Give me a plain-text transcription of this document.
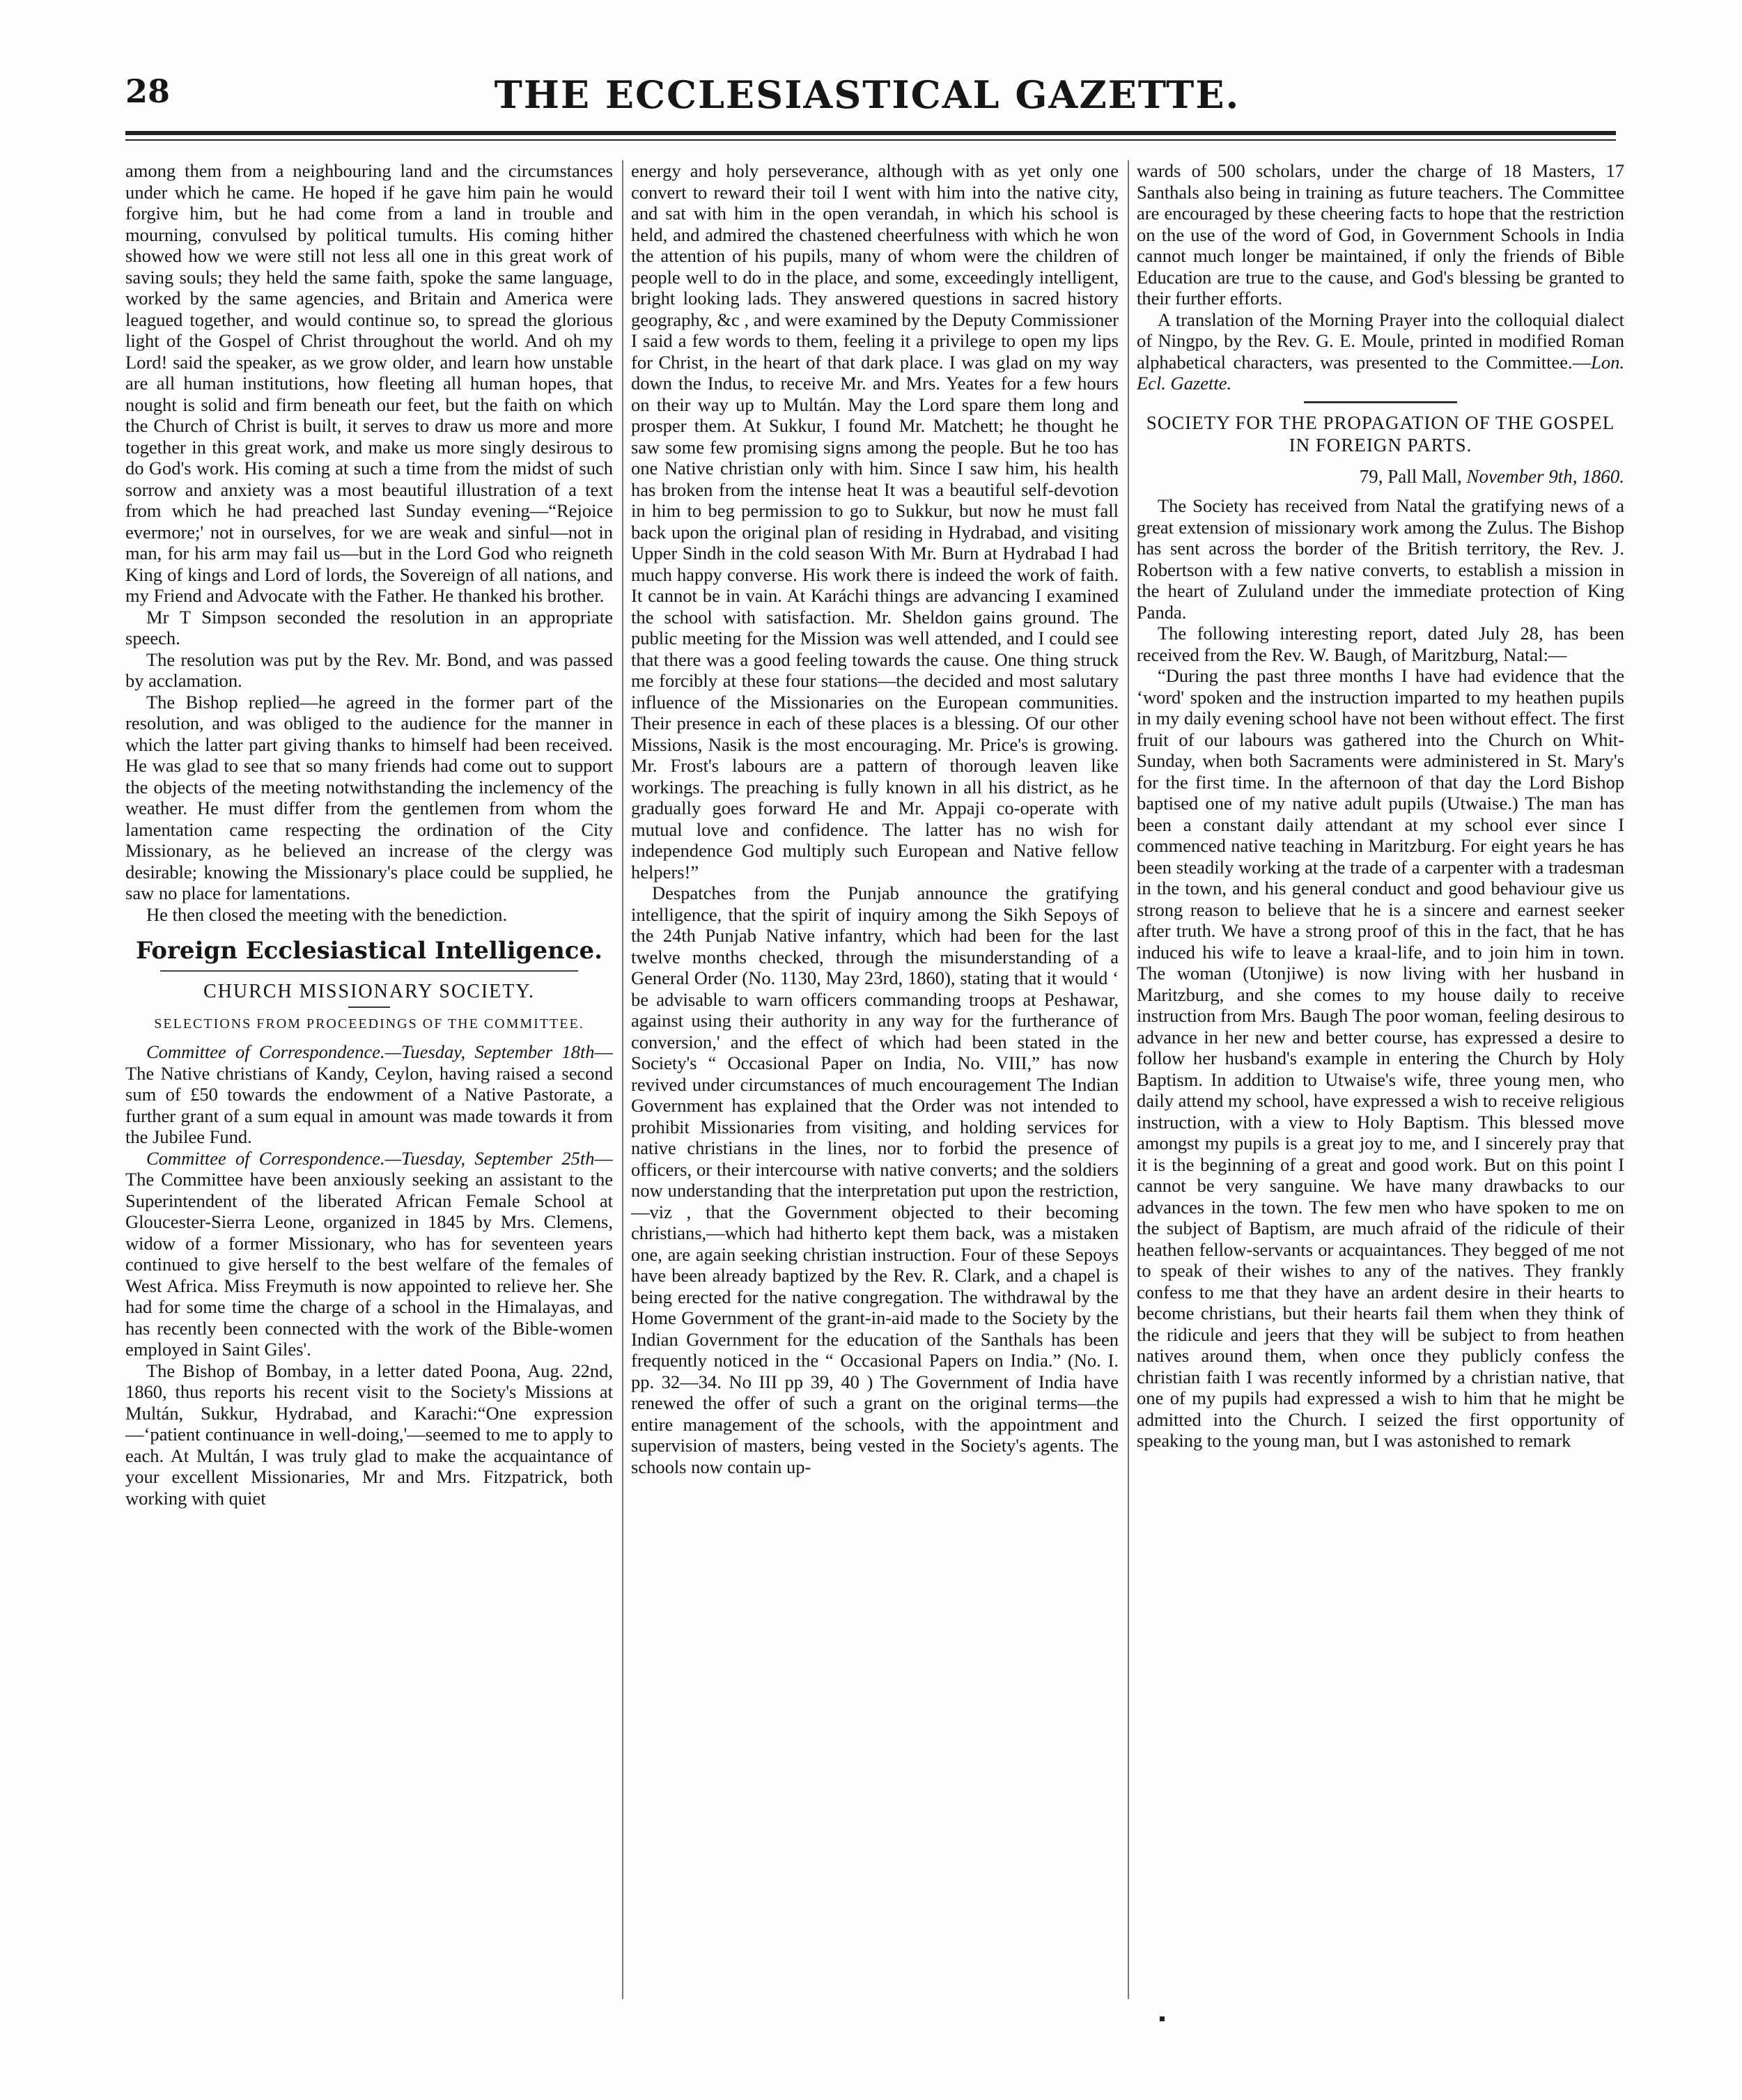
28	THE ECCLESIASTICAL GAZETTE.

among them from a neighbouring land and the circumstances under which he came. He hoped if he gave him pain he would forgive him, but he had come from a land in trouble and mourning, convulsed by political tumults. His coming hither showed how we were still not less all one in this great work of saving souls; they held the same faith, spoke the same language, worked by the same agencies, and Britain and America were leagued together, and would continue so, to spread the glorious light of the Gospel of Christ throughout the world. And oh my Lord! said the speaker, as we grow older, and learn how unstable are all human institutions, how fleeting all human hopes, that nought is solid and firm beneath our feet, but the faith on which the Church of Christ is built, it serves to draw us more and more together in this great work, and make us more singly desirous to do God's work. His coming at such a time from the midst of such sorrow and anxiety was a most beautiful illustration of a text from which he had preached last Sunday evening—“Rejoice evermore;' not in ourselves, for we are weak and sinful—not in man, for his arm may fail us—but in the Lord God who reigneth King of kings and Lord of lords, the Sovereign of all nations, and my Friend and Advocate with the Father. He thanked his brother.

Mr T Simpson seconded the resolution in an appropriate speech.

The resolution was put by the Rev. Mr. Bond, and was passed by acclamation.

The Bishop replied—he agreed in the former part of the resolution, and was obliged to the audience for the manner in which the latter part giving thanks to himself had been received. He was glad to see that so many friends had come out to support the objects of the meeting notwithstanding the inclemency of the weather. He must differ from the gentlemen from whom the lamentation came respecting the ordination of the City Missionary, as he believed an increase of the clergy was desirable; knowing the Missionary's place could be supplied, he saw no place for lamentations.

He then closed the meeting with the benediction.

Foreign Ecclesiastical Intelligence.
CHURCH MISSIONARY SOCIETY.
SELECTIONS FROM PROCEEDINGS OF THE COMMITTEE.

Committee of Correspondence.—Tuesday, September 18th—The Native christians of Kandy, Ceylon, having raised a second sum of £50 towards the endowment of a Native Pastorate, a further grant of a sum equal in amount was made towards it from the Jubilee Fund.

Committee of Correspondence.—Tuesday, September 25th—The Committee have been anxiously seeking an assistant to the Superintendent of the liberated African Female School at Gloucester-Sierra Leone, organized in 1845 by Mrs. Clemens, widow of a former Missionary, who has for seventeen years continued to give herself to the best welfare of the females of West Africa. Miss Freymuth is now appointed to relieve her. She had for some time the charge of a school in the Himalayas, and has recently been connected with the work of the Bible-women employed in Saint Giles'.

The Bishop of Bombay, in a letter dated Poona, Aug. 22nd, 1860, thus reports his recent visit to the Society's Missions at Multán, Sukkur, Hydrabad, and Karachi:“One expression—‘patient continuance in well-doing,'—seemed to me to apply to each. At Multán, I was truly glad to make the acquaintance of your excellent Missionaries, Mr and Mrs. Fitzpatrick, both working with quiet

energy and holy perseverance, although with as yet only one convert to reward their toil I went with him into the native city, and sat with him in the open verandah, in which his school is held, and admired the chastened cheerfulness with which he won the attention of his pupils, many of whom were the children of people well to do in the place, and some, exceedingly intelligent, bright looking lads. They answered questions in sacred history geography, &c , and were examined by the Deputy Commissioner I said a few words to them, feeling it a privilege to open my lips for Christ, in the heart of that dark place. I was glad on my way down the Indus, to receive Mr. and Mrs. Yeates for a few hours on their way up to Multán. May the Lord spare them long and prosper them. At Sukkur, I found Mr. Matchett; he thought he saw some few promising signs among the people. But he too has one Native christian only with him. Since I saw him, his health has broken from the intense heat It was a beautiful self-devotion in him to beg permission to go to Sukkur, but now he must fall back upon the original plan of residing in Hydrabad, and visiting Upper Sindh in the cold season With Mr. Burn at Hydrabad I had much happy converse. His work there is indeed the work of faith. It cannot be in vain. At Karáchi things are advancing I examined the school with satisfaction. Mr. Sheldon gains ground. The public meeting for the Mission was well attended, and I could see that there was a good feeling towards the cause. One thing struck me forcibly at these four stations—the decided and most salutary influence of the Missionaries on the European communities. Their presence in each of these places is a blessing. Of our other Missions, Nasik is the most encouraging. Mr. Price's is growing. Mr. Frost's labours are a pattern of thorough leaven like workings. The preaching is fully known in all his district, as he gradually goes forward He and Mr. Appaji co-operate with mutual love and confidence. The latter has no wish for independence God multiply such European and Native fellow helpers!”

Despatches from the Punjab announce the gratifying intelligence, that the spirit of inquiry among the Sikh Sepoys of the 24th Punjab Native infantry, which had been for the last twelve months checked, through the misunderstanding of a General Order (No. 1130, May 23rd, 1860), stating that it would ‘ be advisable to warn officers commanding troops at Peshawar, against using their authority in any way for the furtherance of conversion,' and the effect of which had been stated in the Society's “ Occasional Paper on India, No. VIII,” has now revived under circumstances of much encouragement The Indian Government has explained that the Order was not intended to prohibit Missionaries from visiting, and holding services for native christians in the lines, nor to forbid the presence of officers, or their intercourse with native converts; and the soldiers now understanding that the interpretation put upon the restriction,—viz , that the Government objected to their becoming christians,—which had hitherto kept them back, was a mistaken one, are again seeking christian instruction. Four of these Sepoys have been already baptized by the Rev. R. Clark, and a chapel is being erected for the native congregation. The withdrawal by the Home Government of the grant-in-aid made to the Society by the Indian Government for the education of the Santhals has been frequently noticed in the “ Occasional Papers on India.” (No. I. pp. 32—34. No III pp 39, 40 ) The Government of India have renewed the offer of such a grant on the original terms—the entire management of the schools, with the appointment and supervision of masters, being vested in the Society's agents. The schools now contain up-

wards of 500 scholars, under the charge of 18 Masters, 17 Santhals also being in training as future teachers. The Committee are encouraged by these cheering facts to hope that the restriction on the use of the word of God, in Government Schools in India cannot much longer be maintained, if only the friends of Bible Education are true to the cause, and God's blessing be granted to their further efforts.

A translation of the Morning Prayer into the colloquial dialect of Ningpo, by the Rev. G. E. Moule, printed in modified Roman alphabetical characters, was presented to the Committee.—Lon. Ecl. Gazette.

SOCIETY FOR THE PROPAGATION OF THE GOSPEL IN FOREIGN PARTS.
79, Pall Mall, November 9th, 1860.

The Society has received from Natal the gratifying news of a great extension of missionary work among the Zulus. The Bishop has sent across the border of the British territory, the Rev. J. Robertson with a few native converts, to establish a mission in the heart of Zululand under the immediate protection of King Panda.

The following interesting report, dated July 28, has been received from the Rev. W. Baugh, of Maritzburg, Natal:—

“During the past three months I have had evidence that the ‘word' spoken and the instruction imparted to my heathen pupils in my daily evening school have not been without effect. The first fruit of our labours was gathered into the Church on Whit-Sunday, when both Sacraments were administered in St. Mary's for the first time. In the afternoon of that day the Lord Bishop baptised one of my native adult pupils (Utwaise.) The man has been a constant daily attendant at my school ever since I commenced native teaching in Maritzburg. For eight years he has been steadily working at the trade of a carpenter with a tradesman in the town, and his general conduct and good behaviour give us strong reason to believe that he is a sincere and earnest seeker after truth. We have a strong proof of this in the fact, that he has induced his wife to leave a kraal-life, and to join him in town. The woman (Utonjiwe) is now living with her husband in Maritzburg, and she comes to my house daily to receive instruction from Mrs. Baugh The poor woman, feeling desirous to advance in her new and better course, has expressed a desire to follow her husband's example in entering the Church by Holy Baptism. In addition to Utwaise's wife, three young men, who daily attend my school, have expressed a wish to receive religious instruction, with a view to Holy Baptism. This blessed move amongst my pupils is a great joy to me, and I sincerely pray that it is the beginning of a great and good work. But on this point I cannot be very sanguine. We have many drawbacks to our advances in the town. The few men who have spoken to me on the subject of Baptism, are much afraid of the ridicule of their heathen fellow-servants or acquaintances. They begged of me not to speak of their wishes to any of the natives. They frankly confess to me that they have an ardent desire in their hearts to become christians, but their hearts fail them when they think of the ridicule and jeers that they will be subject to from heathen natives around them, when once they publicly confess the christian faith I was recently informed by a christian native, that one of my pupils had expressed a wish to him that he might be admitted into the Church. I seized the first opportunity of speaking to the young man, but I was astonished to remark
